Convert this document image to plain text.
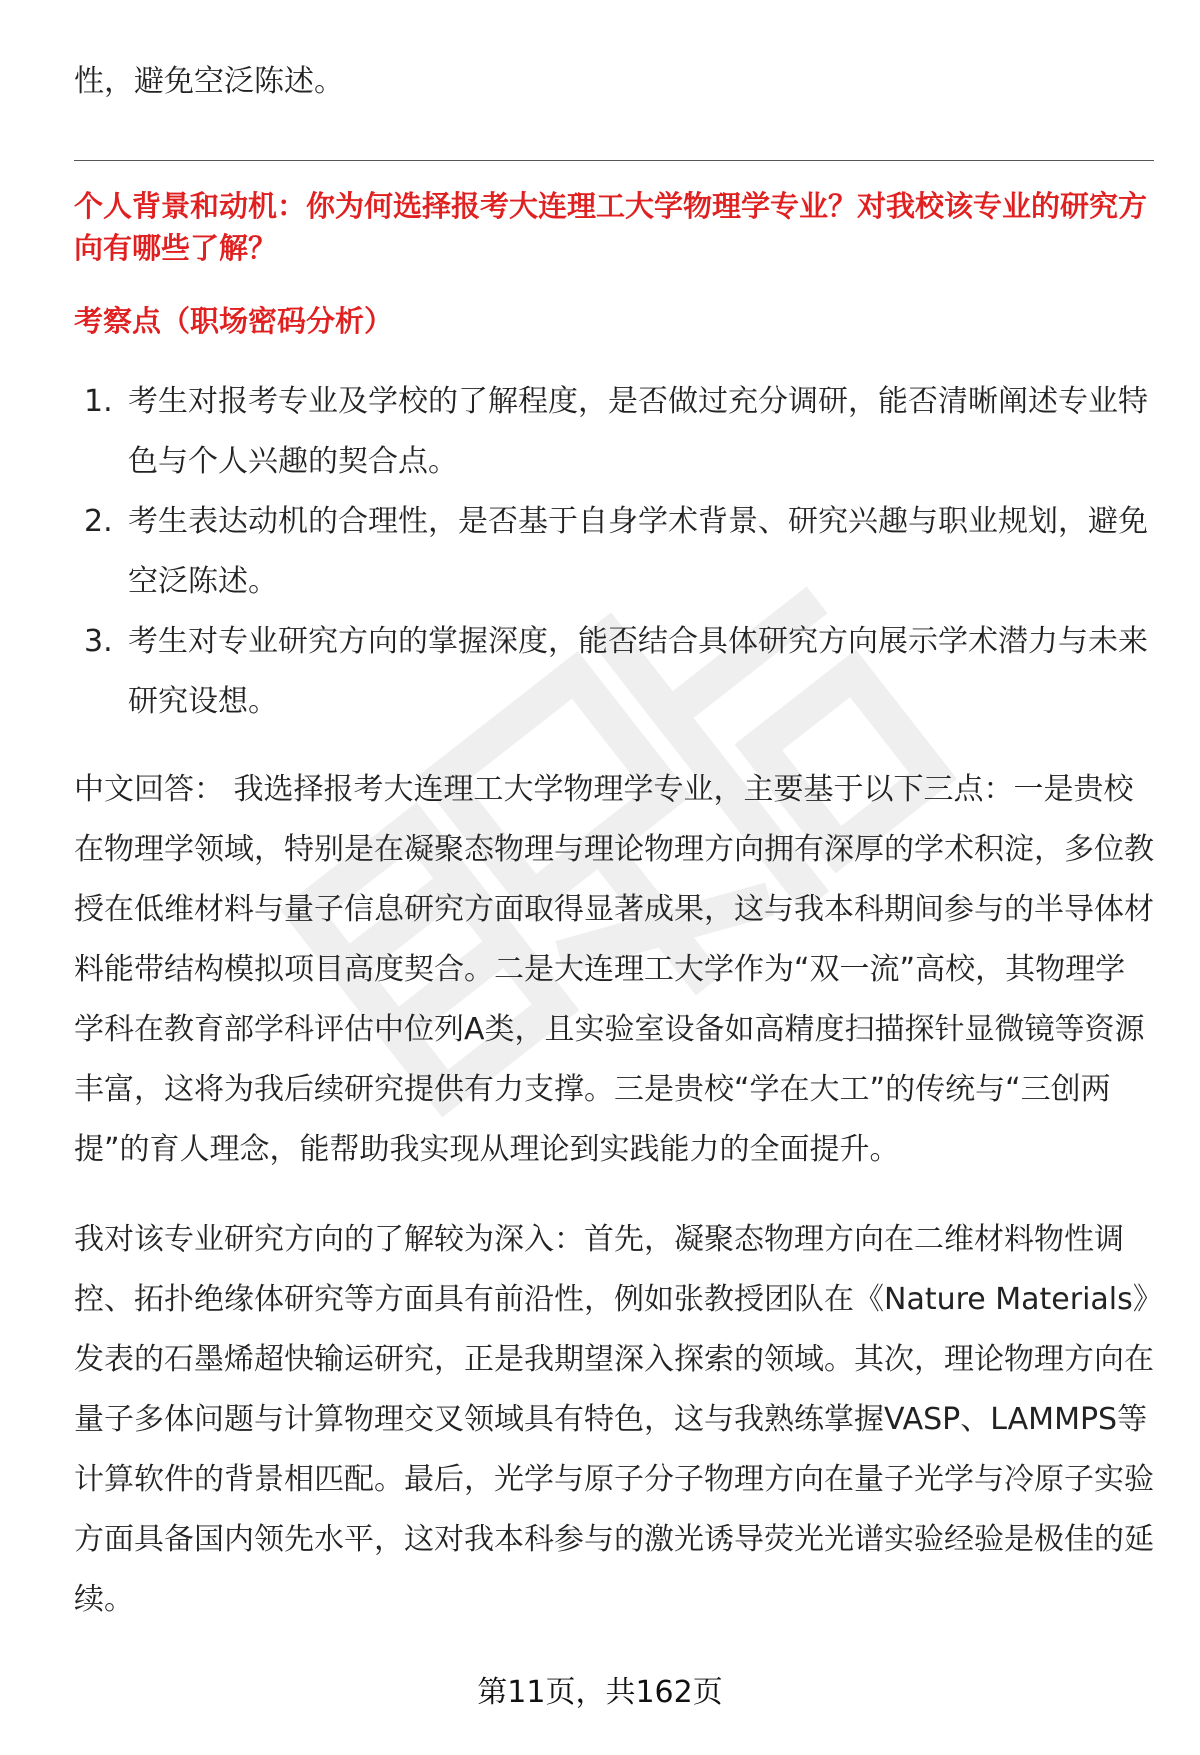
性，避免空泛陈述。

个人背景和动机：你为何选择报考大连理工大学物理学专业？对我校该专业的研究方向有哪些了解？
考察点（职场密码分析）
1. 考生对报考专业及学校的了解程度，是否做过充分调研，能否清晰阐述专业特色与个人兴趣的契合点。
2. 考生表达动机的合理性，是否基于自身学术背景、研究兴趣与职业规划，避免空泛陈述。
3. 考生对专业研究方向的掌握深度，能否结合具体研究方向展示学术潜力与未来研究设想。

中文回答： 我选择报考大连理工大学物理学专业，主要基于以下三点：一是贵校在物理学领域，特别是在凝聚态物理与理论物理方向拥有深厚的学术积淀，多位教授在低维材料与量子信息研究方面取得显著成果，这与我本科期间参与的半导体材料能带结构模拟项目高度契合。二是大连理工大学作为“双一流”高校，其物理学学科在教育部学科评估中位列A类，且实验室设备如高精度扫描探针显微镜等资源丰富，这将为我后续研究提供有力支撑。三是贵校“学在大工”的传统与“三创两提”的育人理念，能帮助我实现从理论到实践能力的全面提升。

我对该专业研究方向的了解较为深入：首先，凝聚态物理方向在二维材料物性调控、拓扑绝缘体研究等方面具有前沿性，例如张教授团队在《Nature Materials》发表的石墨烯超快输运研究，正是我期望深入探索的领域。其次，理论物理方向在量子多体问题与计算物理交叉领域具有特色，这与我熟练掌握VASP、LAMMPS等计算软件的背景相匹配。最后，光学与原子分子物理方向在量子光学与冷原子实验方面具备国内领先水平，这对我本科参与的激光诱导荧光光谱实验经验是极佳的延续。

第11页，共162页
